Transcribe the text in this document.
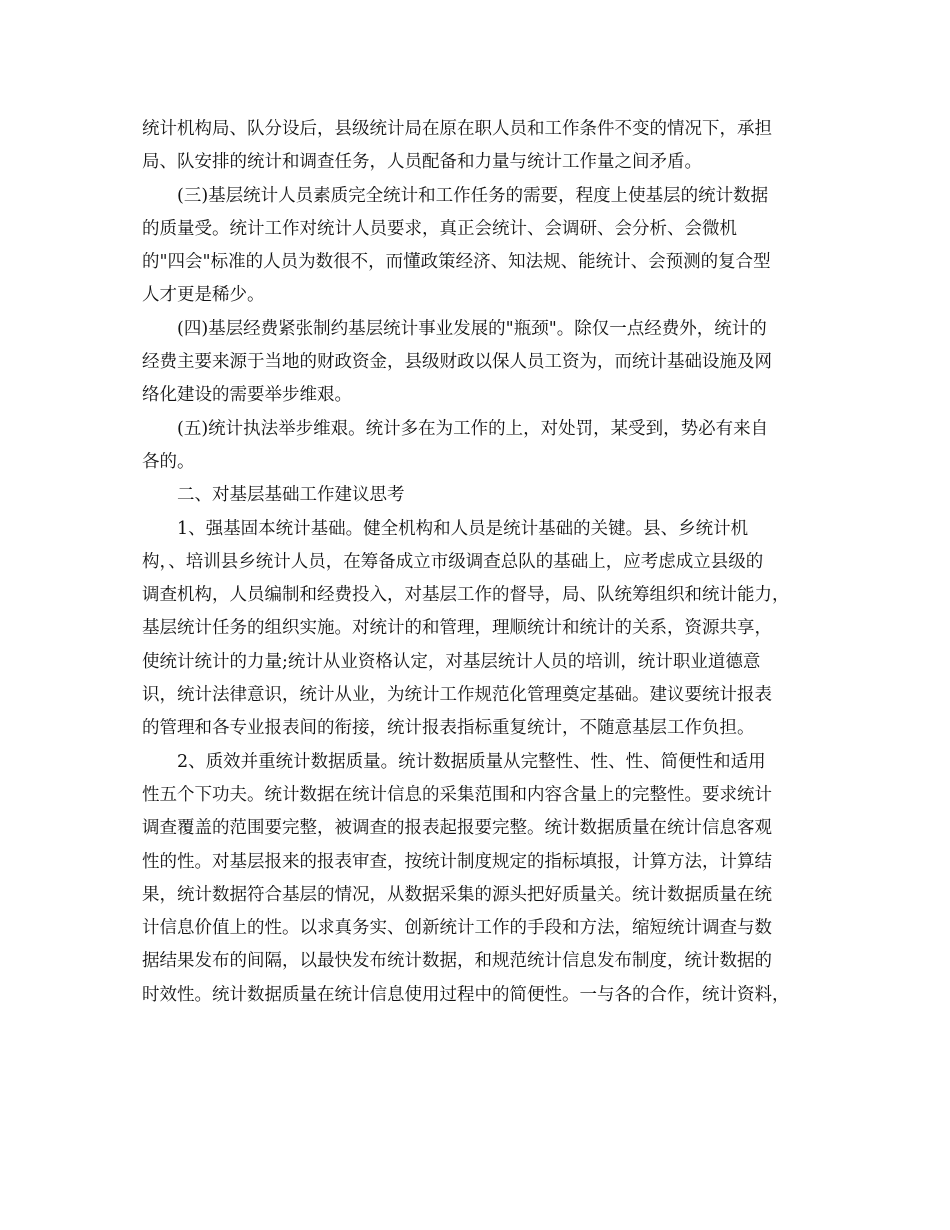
统计机构局、队分设后，县级统计局在原在职人员和工作条件不变的情况下，承担
局、队安排的统计和调查任务，人员配备和力量与统计工作量之间矛盾。
(三)基层统计人员素质完全统计和工作任务的需要，程度上使基层的统计数据
的质量受。统计工作对统计人员要求，真正会统计、会调研、会分析、会微机
的"四会"标准的人员为数很不，而懂政策经济、知法规、能统计、会预测的复合型
人才更是稀少。
(四)基层经费紧张制约基层统计事业发展的"瓶颈"。除仅一点经费外，统计的
经费主要来源于当地的财政资金，县级财政以保人员工资为，而统计基础设施及网
络化建设的需要举步维艰。
(五)统计执法举步维艰。统计多在为工作的上，对处罚，某受到，势必有来自
各的。
二、对基层基础工作建议思考
1、强基固本统计基础。健全机构和人员是统计基础的关键。县、乡统计机
构，、培训县乡统计人员，在筹备成立市级调查总队的基础上，应考虑成立县级的
调查机构，人员编制和经费投入，对基层工作的督导，局、队统筹组织和统计能力，
基层统计任务的组织实施。对统计的和管理，理顺统计和统计的关系，资源共享，
使统计统计的力量;统计从业资格认定，对基层统计人员的培训，统计职业道德意
识，统计法律意识，统计从业，为统计工作规范化管理奠定基础。建议要统计报表
的管理和各专业报表间的衔接，统计报表指标重复统计，不随意基层工作负担。
2、质效并重统计数据质量。统计数据质量从完整性、性、性、简便性和适用
性五个下功夫。统计数据在统计信息的采集范围和内容含量上的完整性。要求统计
调查覆盖的范围要完整，被调查的报表起报要完整。统计数据质量在统计信息客观
性的性。对基层报来的报表审查，按统计制度规定的指标填报，计算方法，计算结
果，统计数据符合基层的情况，从数据采集的源头把好质量关。统计数据质量在统
计信息价值上的性。以求真务实、创新统计工作的手段和方法，缩短统计调查与数
据结果发布的间隔，以最快发布统计数据，和规范统计信息发布制度，统计数据的
时效性。统计数据质量在统计信息使用过程中的简便性。一与各的合作，统计资料，
